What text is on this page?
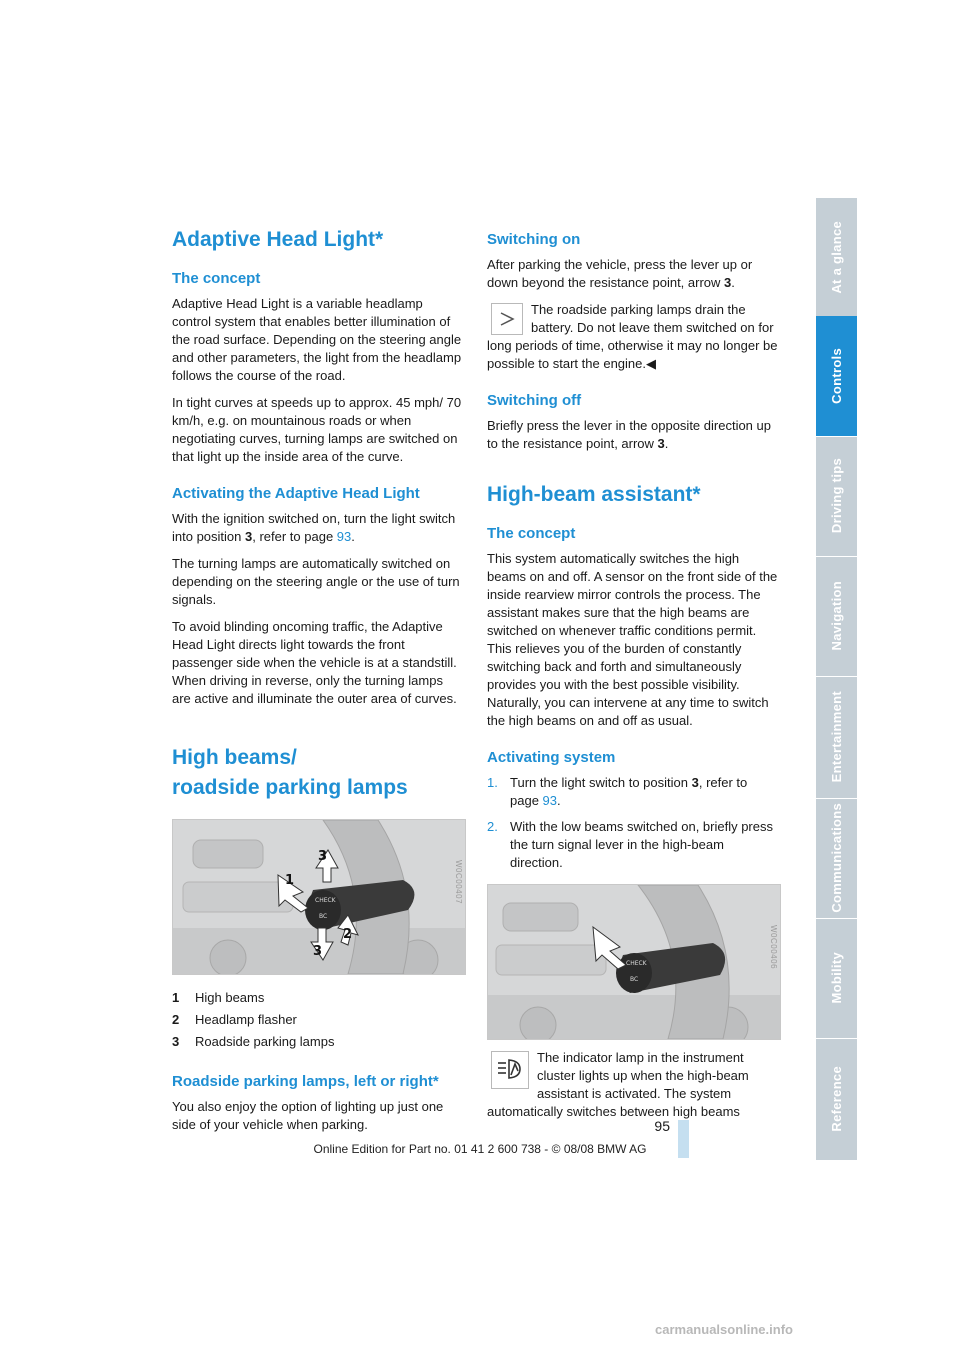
Adaptive Head Light*
The concept

Adaptive Head Light is a variable headlamp control system that enables better illumination of the road surface. Depending on the steering angle and other parameters, the light from the headlamp follows the course of the road.

In tight curves at speeds up to approx. 45 mph/ 70 km/h, e.g. on mountainous roads or when negotiating curves, turning lamps are switched on that light up the inside area of the curve.

Activating the Adaptive Head Light

With the ignition switched on, turn the light switch into position 3, refer to page 93.

The turning lamps are automatically switched on depending on the steering angle or the use of turn signals.

To avoid blinding oncoming traffic, the Adaptive Head Light directs light towards the front passenger side when the vehicle is at a standstill. When driving in reverse, only the turning lamps are active and illuminate the outer area of curves.

High beams/
roadside parking lamps
CHECK
BC
1
2
3
3
W0C00407
1	High beams
2	Headlamp flasher
3	Roadside parking lamps
Roadside parking lamps, left or right*

You also enjoy the option of lighting up just one side of your vehicle when parking.

Switching on

After parking the vehicle, press the lever up or down beyond the resistance point, arrow 3.

The roadside parking lamps drain the battery. Do not leave them switched on for long periods of time, otherwise it may no longer be possible to start the engine.◀
Switching off

Briefly press the lever in the opposite direction up to the resistance point, arrow 3.

High-beam assistant*
The concept

This system automatically switches the high beams on and off. A sensor on the front side of the inside rearview mirror controls the process. The assistant makes sure that the high beams are switched on whenever traffic conditions permit. This relieves you of the burden of constantly switching back and forth and simultaneously provides you with the best possible visibility. Naturally, you can intervene at any time to switch the high beams on and off as usual.

Activating system
1. Turn the light switch to position 3, refer to page 93.
2. With the low beams switched on, briefly press the turn signal lever in the high-beam direction.
CHECK
BC
W0C00406
The indicator lamp in the instrument cluster lights up when the high-beam assistant is activated. The system automatically switches between high beams
At a glance
Controls
Driving tips
Navigation
Entertainment
Communications
Mobility
Reference
95
Online Edition for Part no. 01 41 2 600 738 - © 08/08 BMW AG
carmanualsonline.info
